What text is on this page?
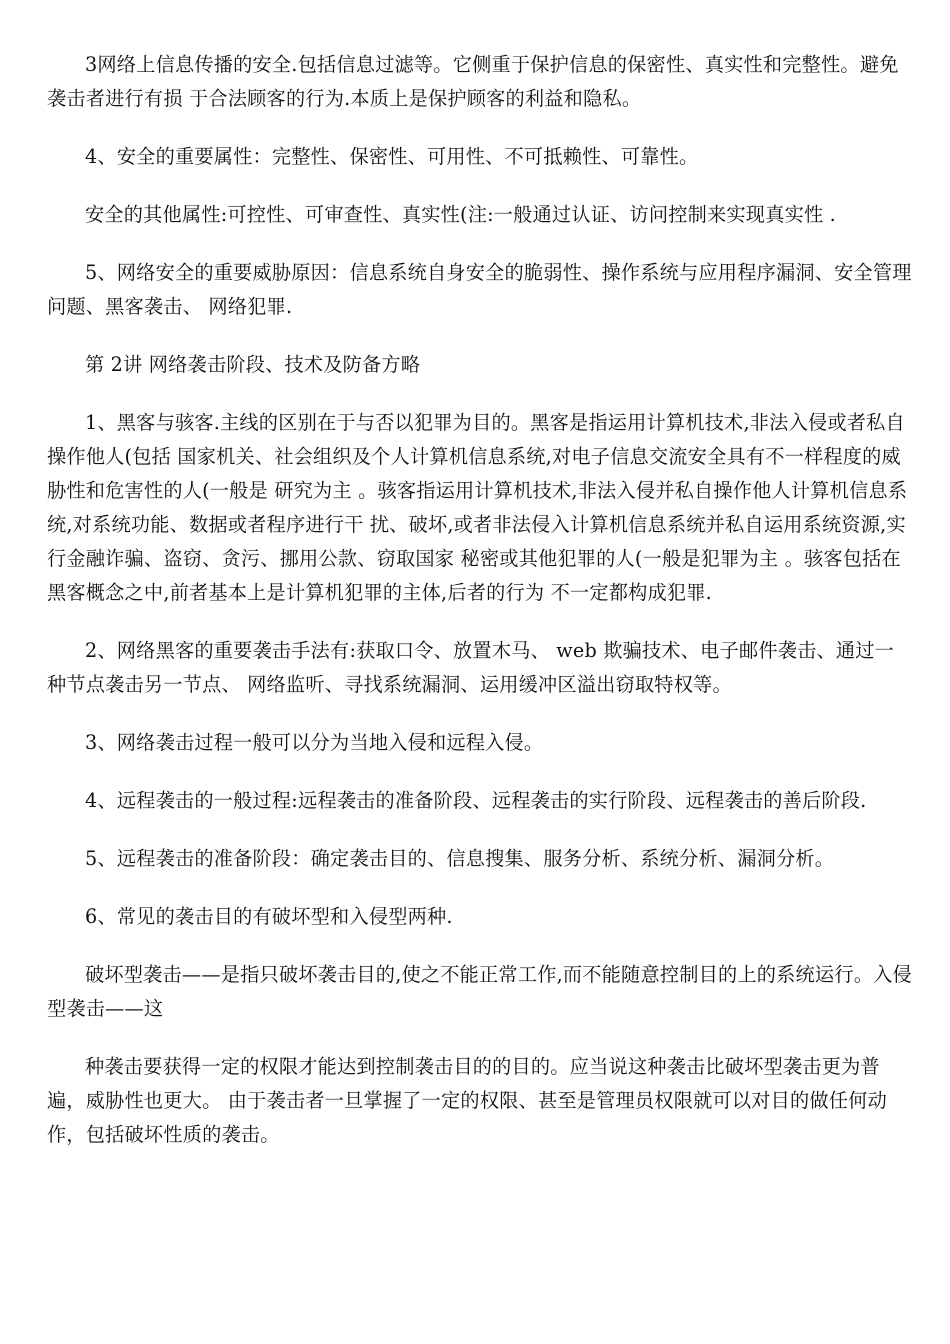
3网络上信息传播的安全.包括信息过滤等。它侧重于保护信息的保密性、真实性和完整性。避免袭击者进行有损 于合法顾客的行为.本质上是保护顾客的利益和隐私。

4、安全的重要属性：完整性、保密性、可用性、不可抵赖性、可靠性。

安全的其他属性:可控性、可审查性、真实性(注:一般通过认证、访问控制来实现真实性 .

5、网络安全的重要威胁原因：信息系统自身安全的脆弱性、操作系统与应用程序漏洞、安全管理问题、黑客袭击、 网络犯罪.

第 2讲 网络袭击阶段、技术及防备方略

1、黑客与骇客.主线的区别在于与否以犯罪为目的。黑客是指运用计算机技术,非法入侵或者私自操作他人(包括 国家机关、社会组织及个人计算机信息系统,对电子信息交流安全具有不一样程度的威胁性和危害性的人(一般是 研究为主 。骇客指运用计算机技术,非法入侵并私自操作他人计算机信息系统,对系统功能、数据或者程序进行干 扰、破坏,或者非法侵入计算机信息系统并私自运用系统资源,实行金融诈骗、盗窃、贪污、挪用公款、窃取国家 秘密或其他犯罪的人(一般是犯罪为主 。骇客包括在黑客概念之中,前者基本上是计算机犯罪的主体,后者的行为 不一定都构成犯罪.

2、网络黑客的重要袭击手法有:获取口令、放置木马、 web 欺骗技术、电子邮件袭击、通过一种节点袭击另一节点、 网络监听、寻找系统漏洞、运用缓冲区溢出窃取特权等。

3、网络袭击过程一般可以分为当地入侵和远程入侵。

4、远程袭击的一般过程:远程袭击的准备阶段、远程袭击的实行阶段、远程袭击的善后阶段.

5、远程袭击的准备阶段：确定袭击目的、信息搜集、服务分析、系统分析、漏洞分析。

6、常见的袭击目的有破坏型和入侵型两种.

破坏型袭击——是指只破坏袭击目的,使之不能正常工作,而不能随意控制目的上的系统运行。入侵型袭击——这

种袭击要获得一定的权限才能达到控制袭击目的的目的。应当说这种袭击比破坏型袭击更为普遍，威胁性也更大。 由于袭击者一旦掌握了一定的权限、甚至是管理员权限就可以对目的做任何动作，包括破坏性质的袭击。
